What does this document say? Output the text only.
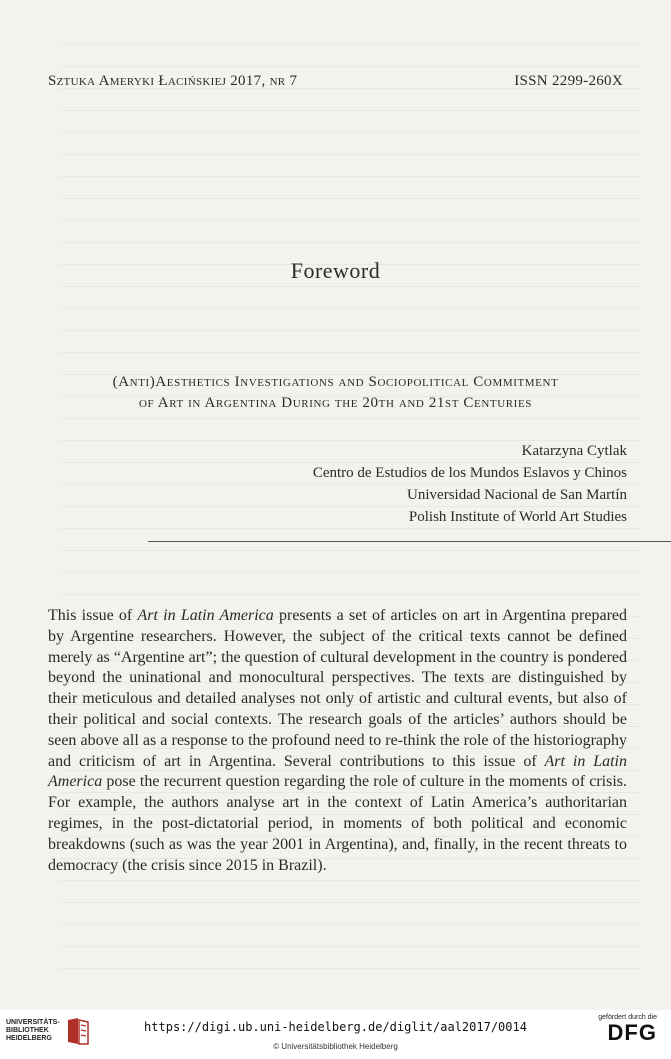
Sztuka Ameryki Łacińskiej 2017, nr 7	ISSN 2299-260X
Foreword
(Anti)Aesthetics Investigations and Sociopolitical Commitment
of Art in Argentina During the 20th and 21st Centuries
Katarzyna Cytlak
Centro de Estudios de los Mundos Eslavos y Chinos
Universidad Nacional de San Martín
Polish Institute of World Art Studies
This issue of Art in Latin America presents a set of articles on art in Argentina prepared by Argentine researchers. However, the subject of the critical texts cannot be defined merely as “Argentine art”; the question of cultural development in the country is pondered beyond the uninational and monocultural perspectives. The texts are distinguished by their meticulous and detailed analyses not only of artistic and cultural events, but also of their political and social contexts. The research goals of the articles’ authors should be seen above all as a response to the profound need to re-think the role of the historiography and criticism of art in Argentina. Several contributions to this issue of Art in Latin America pose the recurrent question regarding the role of culture in the moments of crisis. For example, the authors analyse art in the context of Latin America’s authoritarian regimes, in the post-dictatorial period, in moments of both political and economic breakdowns (such as was the year 2001 in Argentina), and, finally, in the recent threats to democracy (the crisis since 2015 in Brazil).
UNIVERSITÄTS-
BIBLIOTHEK
HEIDELBERG
https://digi.ub.uni-heidelberg.de/diglit/aal2017/0014
© Universitätsbibliothek Heidelberg
gefördert durch die
DFG
